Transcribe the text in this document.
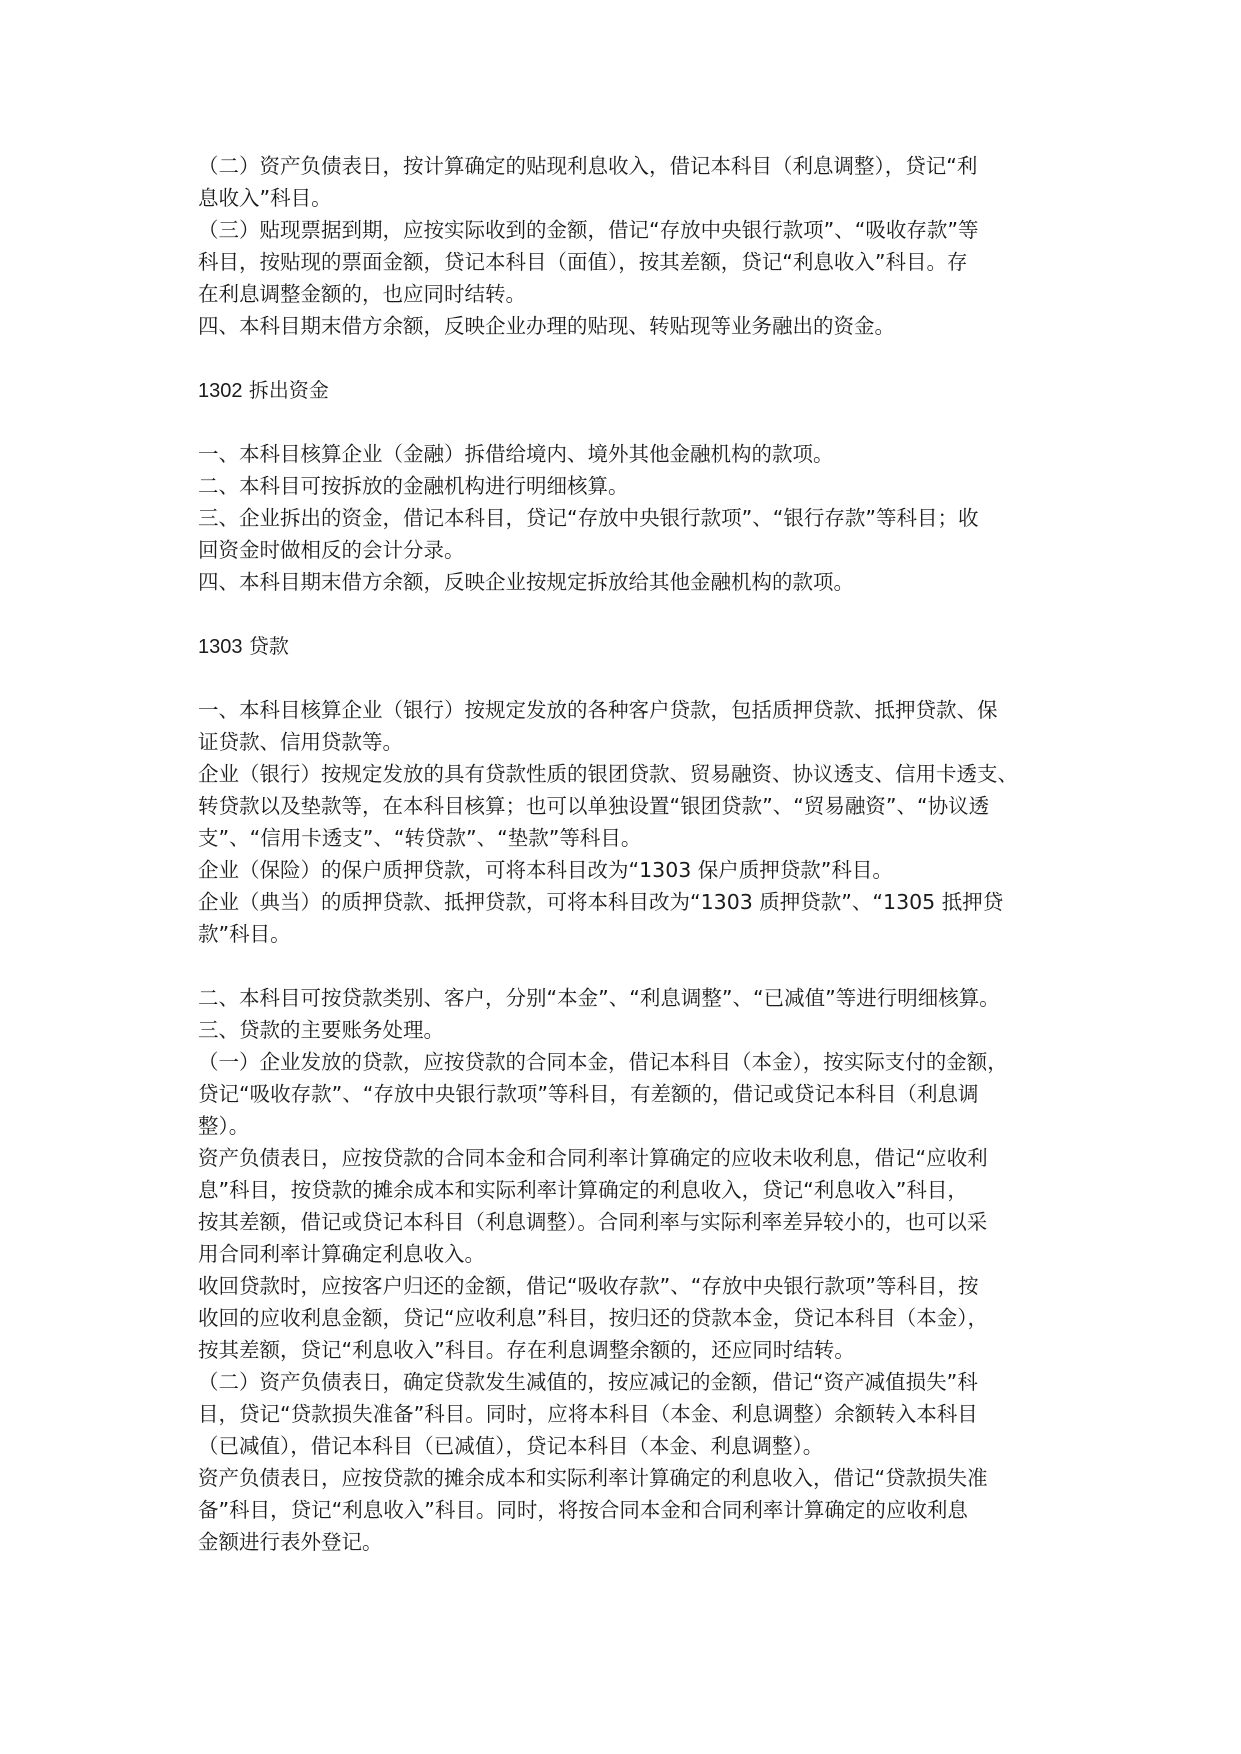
（二）资产负债表日，按计算确定的贴现利息收入，借记本科目（利息调整），贷记“利

息收入”科目。

（三）贴现票据到期，应按实际收到的金额，借记“存放中央银行款项”、“吸收存款”等

科目，按贴现的票面金额，贷记本科目（面值），按其差额，贷记“利息收入”科目。存

在利息调整金额的，也应同时结转。

四、本科目期末借方余额，反映企业办理的贴现、转贴现等业务融出的资金。

1302 拆出资金

一、本科目核算企业（金融）拆借给境内、境外其他金融机构的款项。

二、本科目可按拆放的金融机构进行明细核算。

三、企业拆出的资金，借记本科目，贷记“存放中央银行款项”、“银行存款”等科目；收

回资金时做相反的会计分录。

四、本科目期末借方余额，反映企业按规定拆放给其他金融机构的款项。

1303 贷款

一、本科目核算企业（银行）按规定发放的各种客户贷款，包括质押贷款、抵押贷款、保

证贷款、信用贷款等。

企业（银行）按规定发放的具有贷款性质的银团贷款、贸易融资、协议透支、信用卡透支、

转贷款以及垫款等，在本科目核算；也可以单独设置“银团贷款”、“贸易融资”、“协议透

支”、“信用卡透支”、“转贷款”、“垫款”等科目。

企业（保险）的保户质押贷款，可将本科目改为“1303 保户质押贷款”科目。

企业（典当）的质押贷款、抵押贷款，可将本科目改为“1303 质押贷款”、“1305 抵押贷

款”科目。

二、本科目可按贷款类别、客户，分别“本金”、“利息调整”、“已减值”等进行明细核算。

三、贷款的主要账务处理。

（一）企业发放的贷款，应按贷款的合同本金，借记本科目（本金），按实际支付的金额，

贷记“吸收存款”、“存放中央银行款项”等科目，有差额的，借记或贷记本科目（利息调

整）。

资产负债表日，应按贷款的合同本金和合同利率计算确定的应收未收利息，借记“应收利

息”科目，按贷款的摊余成本和实际利率计算确定的利息收入，贷记“利息收入”科目，

按其差额，借记或贷记本科目（利息调整）。合同利率与实际利率差异较小的，也可以采

用合同利率计算确定利息收入。

收回贷款时，应按客户归还的金额，借记“吸收存款”、“存放中央银行款项”等科目，按

收回的应收利息金额，贷记“应收利息”科目，按归还的贷款本金，贷记本科目（本金），

按其差额，贷记“利息收入”科目。存在利息调整余额的，还应同时结转。

（二）资产负债表日，确定贷款发生减值的，按应减记的金额，借记“资产减值损失”科

目，贷记“贷款损失准备”科目。同时，应将本科目（本金、利息调整）余额转入本科目

（已减值），借记本科目（已减值），贷记本科目（本金、利息调整）。

资产负债表日，应按贷款的摊余成本和实际利率计算确定的利息收入，借记“贷款损失准

备”科目，贷记“利息收入”科目。同时，将按合同本金和合同利率计算确定的应收利息

金额进行表外登记。
